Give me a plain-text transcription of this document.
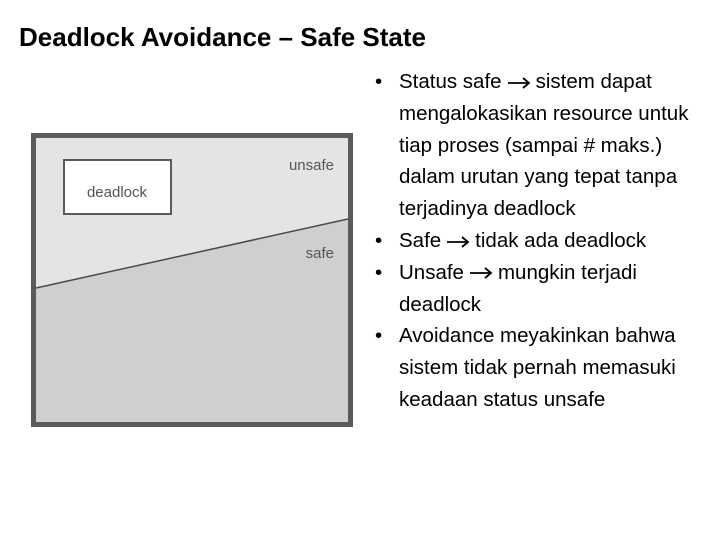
Deadlock Avoidance – Safe State
deadlock
unsafe
safe
• Status safe sistem dapat mengalokasikan resource untuk tiap proses (sampai # maks.) dalam urutan yang tepat tanpa terjadinya deadlock
• Safe tidak ada deadlock
• Unsafe mungkin terjadi deadlock
• Avoidance meyakinkan bahwa sistem tidak pernah memasuki keadaan status unsafe
